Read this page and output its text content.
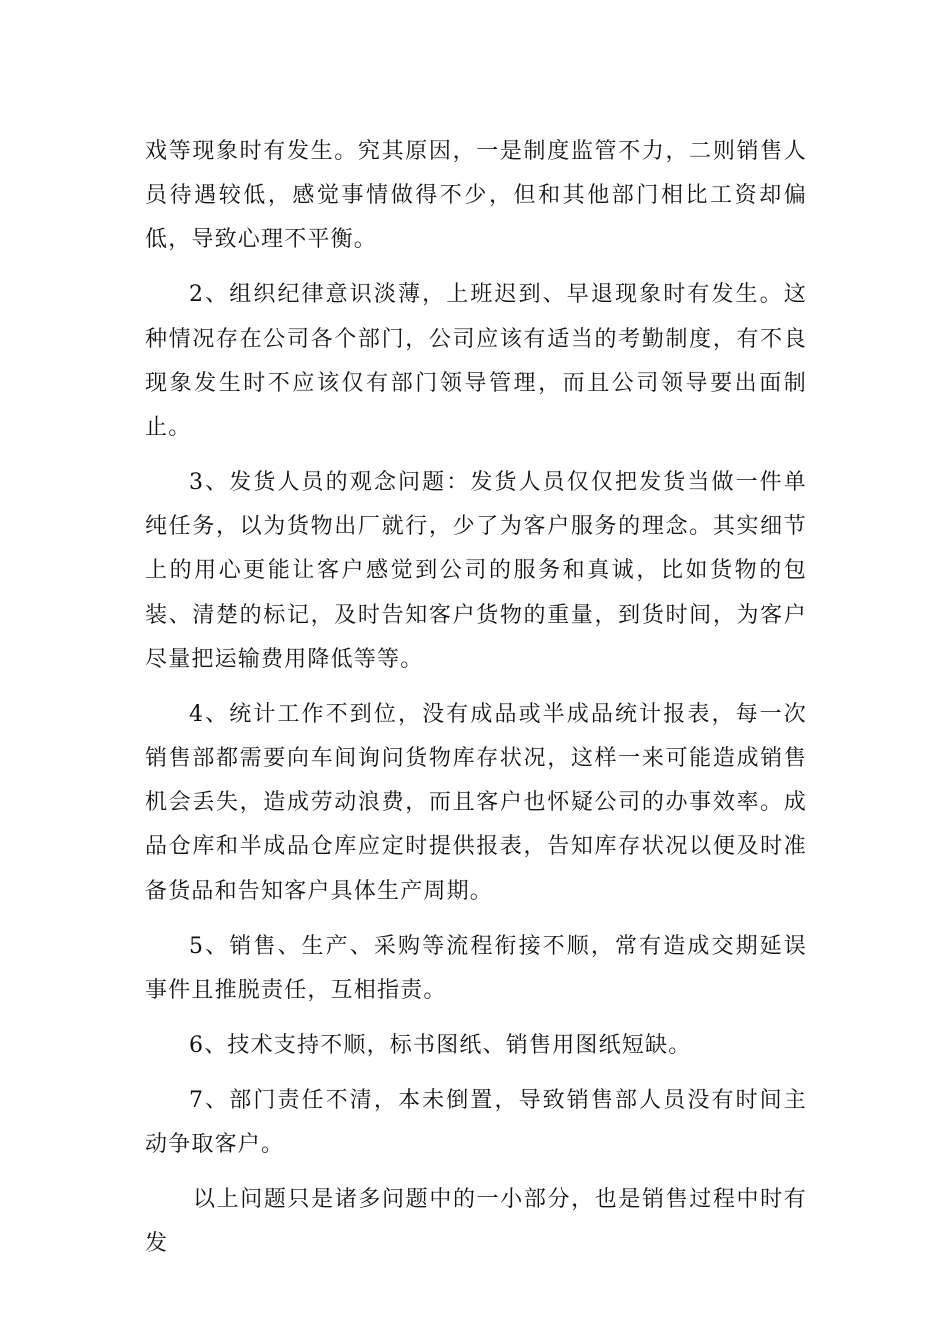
戏等现象时有发生。究其原因，一是制度监管不力，二则销售人员待遇较低，感觉事情做得不少，但和其他部门相比工资却偏低，导致心理不平衡。

2、组织纪律意识淡薄，上班迟到、早退现象时有发生。这种情况存在公司各个部门，公司应该有适当的考勤制度，有不良现象发生时不应该仅有部门领导管理，而且公司领导要出面制止。

3、发货人员的观念问题：发货人员仅仅把发货当做一件单纯任务，以为货物出厂就行，少了为客户服务的理念。其实细节上的用心更能让客户感觉到公司的服务和真诚，比如货物的包装、清楚的标记，及时告知客户货物的重量，到货时间，为客户尽量把运输费用降低等等。

4、统计工作不到位，没有成品或半成品统计报表，每一次销售部都需要向车间询问货物库存状况，这样一来可能造成销售机会丢失，造成劳动浪费，而且客户也怀疑公司的办事效率。成品仓库和半成品仓库应定时提供报表，告知库存状况以便及时准备货品和告知客户具体生产周期。

5、销售、生产、采购等流程衔接不顺，常有造成交期延误事件且推脱责任，互相指责。

6、技术支持不顺，标书图纸、销售用图纸短缺。

7、部门责任不清，本未倒置，导致销售部人员没有时间主动争取客户。

以上问题只是诸多问题中的一小部分，也是销售过程中时有发
